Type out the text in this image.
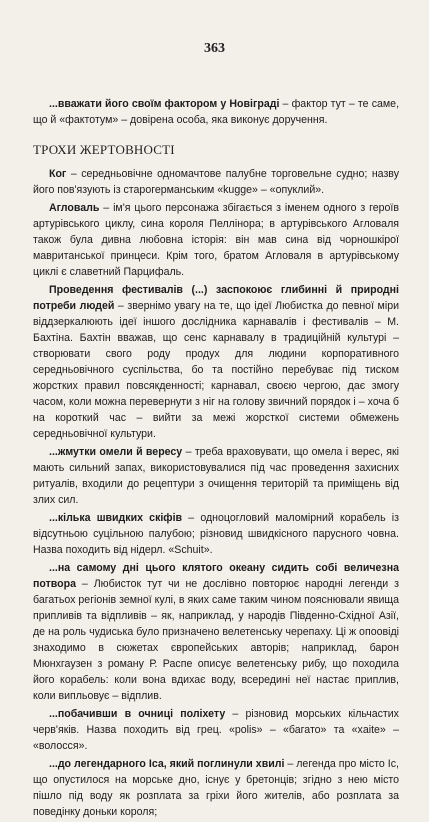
363

...вважати його своїм фактором у Новіграді – фактор тут – те саме, що й «фактотум» – довірена особа, яка виконує доручення.

ТРОХИ ЖЕРТОВНОСТІ

Ког – середньовічне одномачтове палубне торговельне судно; назву його пов'язують із старогерманським «kugge» – «опуклий».

Агловаль – ім'я цього персонажа збігається з іменем одного з героїв артурівського циклу, сина короля Пеллінора; в артурівського Агловаля також була дивна любовна історія: він мав сина від чорношкірої мавританської принцеси. Крім того, братом Агловаля в артурівському циклі є славетний Парцифаль.

Проведення фестивалів (...) заспокоює глибинні й природні потреби людей – звернімо увагу на те, що ідеї Любистка до певної міри віддзеркалюють ідеї іншого дослідника карнавалів і фестивалів – М. Бахтіна. Бахтін вважав, що сенс карнавалу в традиційній культурі – створювати свого роду продух для людини корпоративного середньовічного суспільства, бо та постійно перебуває під тиском жорстких правил повсякденності; карнавал, своєю чергою, дає змогу часом, коли можна перевернути з ніг на голову звичний порядок і – хоча б на короткий час – вийти за межі жорсткої системи обмежень середньовічної культури.

...жмутки омели й вересу – треба враховувати, що омела і верес, які мають сильний запах, використовувалися під час проведення захисних ритуалів, входили до рецептури з очищення територій та приміщень від злих сил.

...кілька швидких скіфів – одноцогловий маломірний корабель із відсутньою суцільною палубою; різновид швидкісного парусного човна. Назва походить від нідерл. «Schuit».

...на самому дні цього клятого океану сидить собі величезна потвора – Любисток тут чи не дослівно повторює народні легенди з багатьох регіонів земної кулі, в яких саме таким чином пояснювали явища припливів та відпливів – як, наприклад, у народів Південно-Східної Азії, де на роль чудиська було призначено велетенську черепаху. Ці ж опоовіді знаходимо в сюжетах європейських авторів; наприклад, барон Мюнхгаузен з роману Р. Распе описує велетенську рибу, що походила його корабель: коли вона вдихає воду, всередині неї настає приплив, коли випльовує – відплив.

...побачивши в очниці поліхету – різновид морських кільчастих черв'яків. Назва походить від грец. «polis» – «багато» та «xaite» – «волосся».

...до легендарного Іса, який поглинули хвилі – легенда про місто Іс, що опустилося на морське дно, існує у бретонців; згідно з нею місто пішло під воду як розплата за гріхи його жителів, або розплата за поведінку доньки короля;
